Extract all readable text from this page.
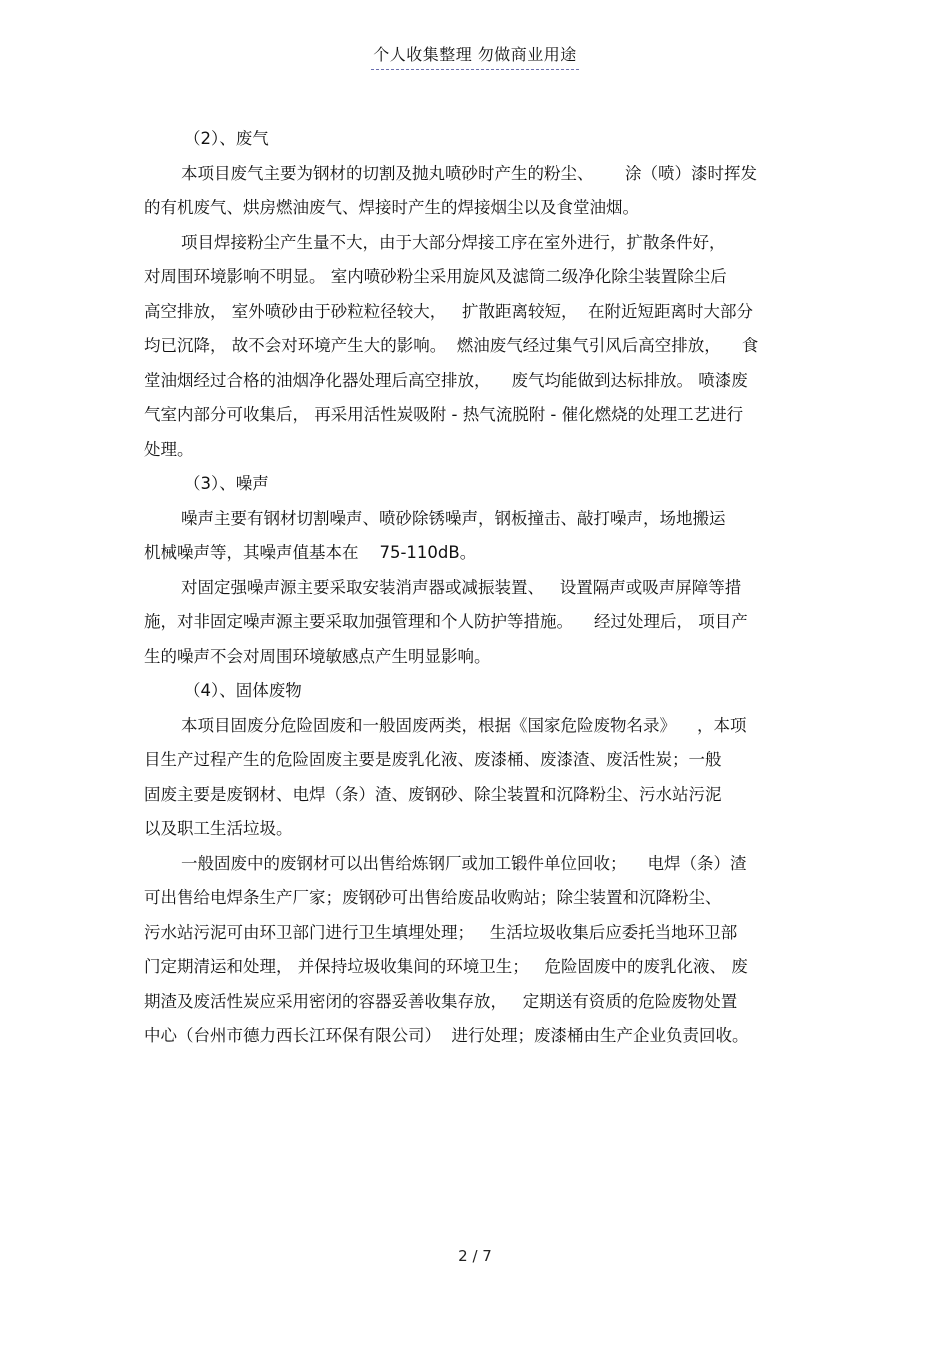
个人收集整理 勿做商业用途
（2）、废气
本项目废气主要为钢材的切割及抛丸喷砂时产生的粉尘、      涂（喷）漆时挥发
的有机废气、烘房燃油废气、焊接时产生的焊接烟尘以及食堂油烟。
项目焊接粉尘产生量不大，由于大部分焊接工序在室外进行，扩散条件好，
对周围环境影响不明显。 室内喷砂粉尘采用旋风及滤筒二级净化除尘装置除尘后
高空排放， 室外喷砂由于砂粒粒径较大，   扩散距离较短，  在附近短距离时大部分
均已沉降， 故不会对环境产生大的影响。  燃油废气经过集气引风后高空排放，    食
堂油烟经过合格的油烟净化器处理后高空排放，    废气均能做到达标排放。 喷漆废
气室内部分可收集后， 再采用活性炭吸附 - 热气流脱附 - 催化燃烧的处理工艺进行
处理。
（3）、噪声
噪声主要有钢材切割噪声、喷砂除锈噪声，钢板撞击、敲打噪声，场地搬运
机械噪声等，其噪声值基本在    75-110dB。
对固定强噪声源主要采取安装消声器或减振装置、   设置隔声或吸声屏障等措
施，对非固定噪声源主要采取加强管理和个人防护等措施。    经过处理后， 项目产
生的噪声不会对周围环境敏感点产生明显影响。
（4）、固体废物
本项目固废分危险固废和一般固废两类，根据《国家危险废物名录》    ，本项
目生产过程产生的危险固废主要是废乳化液、废漆桶、废漆渣、废活性炭；一般
固废主要是废钢材、电焊（条）渣、废钢砂、除尘装置和沉降粉尘、污水站污泥
以及职工生活垃圾。
一般固废中的废钢材可以出售给炼钢厂或加工锻件单位回收；    电焊（条）渣
可出售给电焊条生产厂家；废钢砂可出售给废品收购站；除尘装置和沉降粉尘、
污水站污泥可由环卫部门进行卫生填埋处理；   生活垃圾收集后应委托当地环卫部
门定期清运和处理， 并保持垃圾收集间的环境卫生；   危险固废中的废乳化液、 废
期渣及废活性炭应采用密闭的容器妥善收集存放，   定期送有资质的危险废物处置
中心（台州市德力西长江环保有限公司）  进行处理；废漆桶由生产企业负责回收。
2 / 7
